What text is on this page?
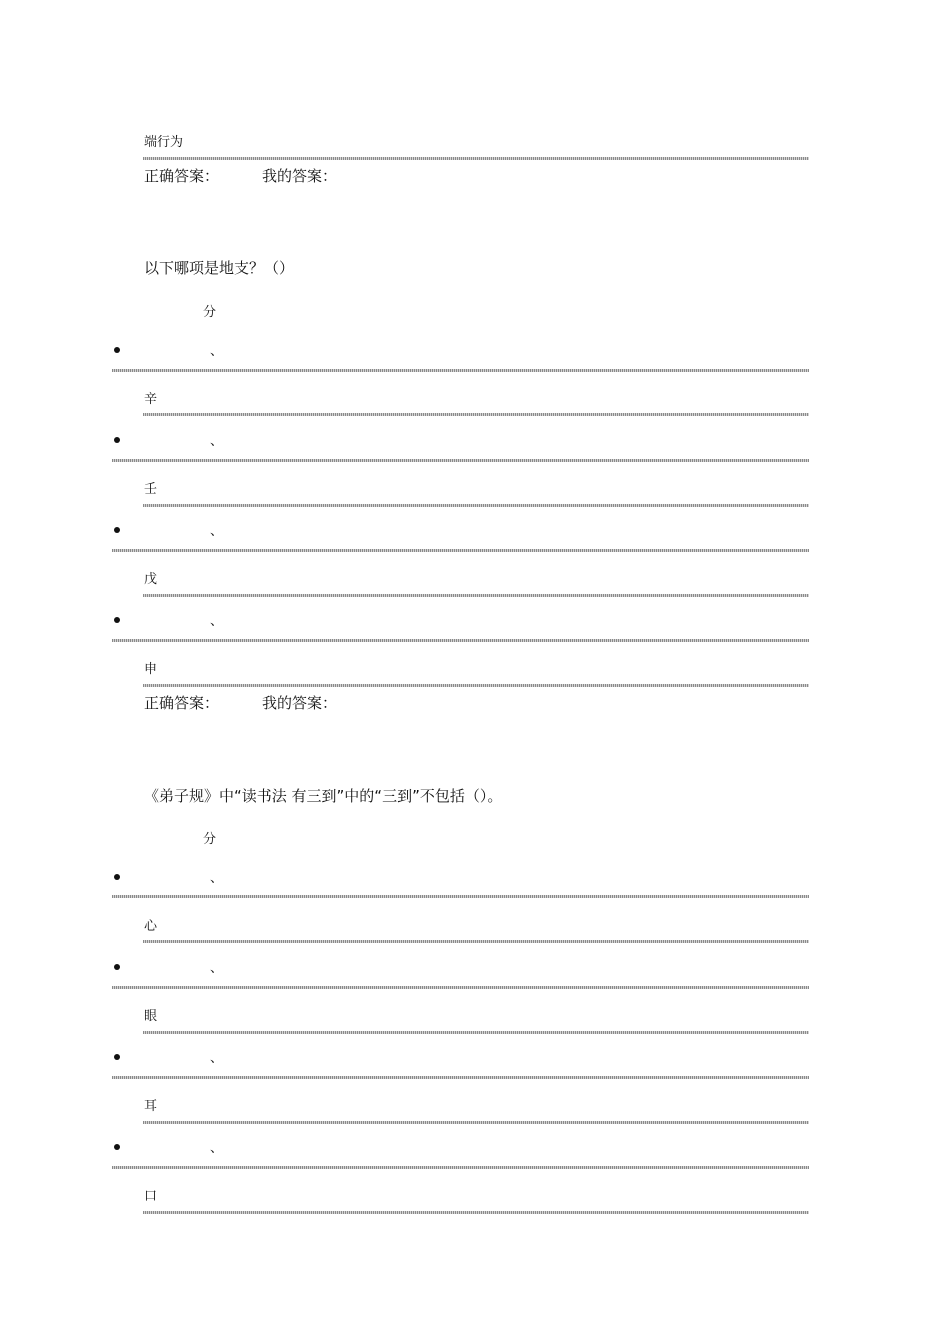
端行为
正确答案：	我的答案：
以下哪项是地支？（）
分
、
辛
、
壬
、
戊
、
申
正确答案：	我的答案：
《弟子规》中“读书法 有三到”中的“三到”不包括（）。
分
、
心
、
眼
、
耳
、
口
